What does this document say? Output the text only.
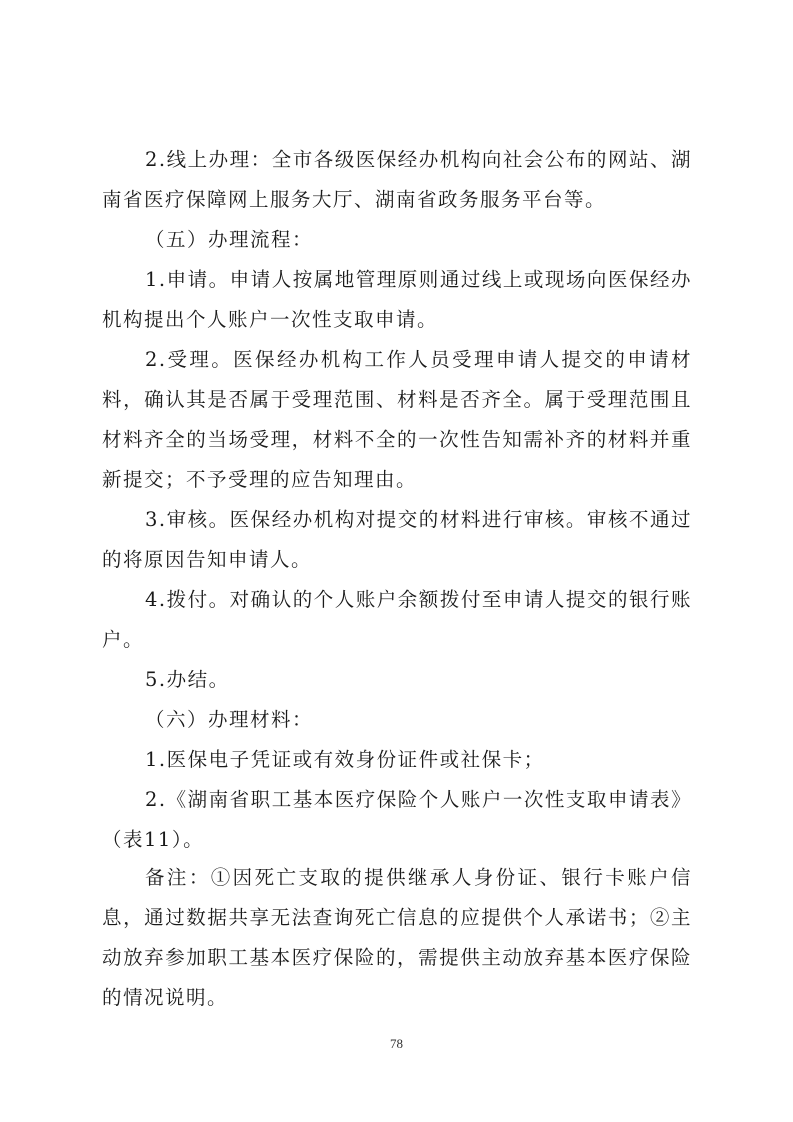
2.线上办理：全市各级医保经办机构向社会公布的网站、湖南省医疗保障网上服务大厅、湖南省政务服务平台等。

（五）办理流程：

1.申请。申请人按属地管理原则通过线上或现场向医保经办机构提出个人账户一次性支取申请。

2.受理。医保经办机构工作人员受理申请人提交的申请材料，确认其是否属于受理范围、材料是否齐全。属于受理范围且材料齐全的当场受理，材料不全的一次性告知需补齐的材料并重新提交；不予受理的应告知理由。

3.审核。医保经办机构对提交的材料进行审核。审核不通过的将原因告知申请人。

4.拨付。对确认的个人账户余额拨付至申请人提交的银行账户。

5.办结。

（六）办理材料：

1.医保电子凭证或有效身份证件或社保卡；

2.《湖南省职工基本医疗保险个人账户一次性支取申请表》（表11）。

备注：①因死亡支取的提供继承人身份证、银行卡账户信息，通过数据共享无法查询死亡信息的应提供个人承诺书；②主动放弃参加职工基本医疗保险的，需提供主动放弃基本医疗保险的情况说明。

78
